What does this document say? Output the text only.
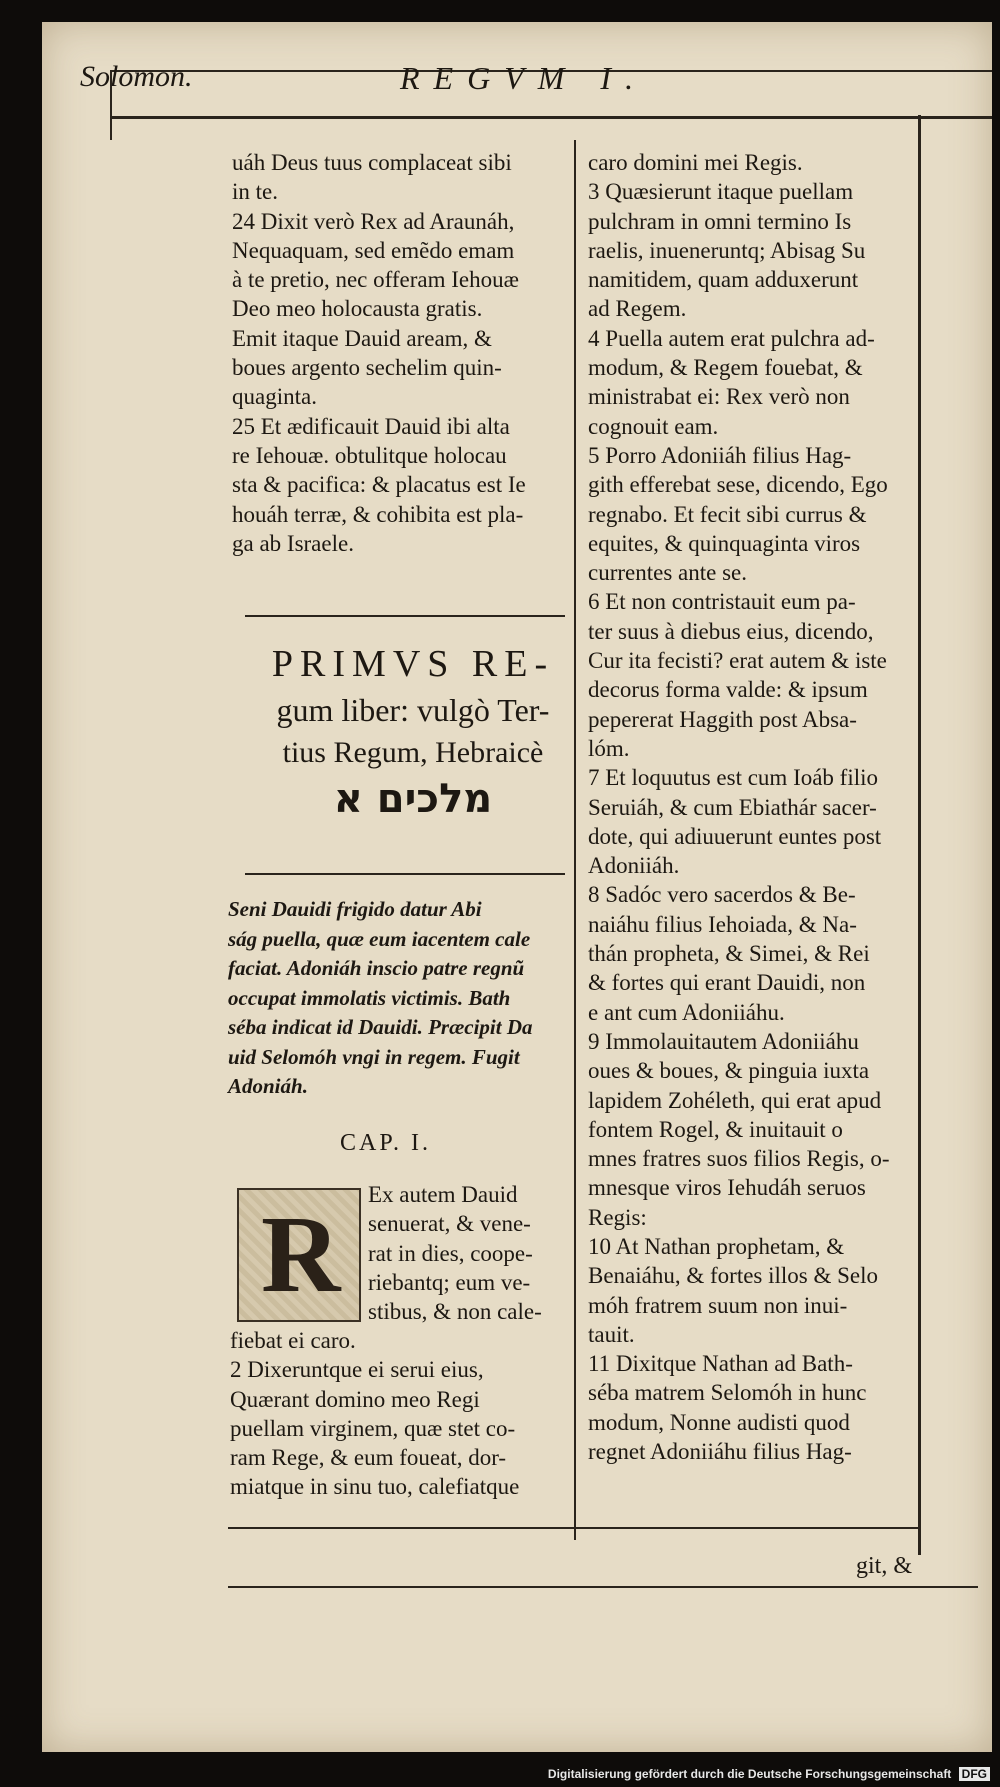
Solomon.	REGVM I.

uáh Deus tuus complaceat sibi

in te.

24 Dixit verò Rex ad Araunáh,

Nequaquam, sed emẽdo emam

à te pretio, nec offeram Iehouæ

Deo meo holocausta gratis.

Emit itaque Dauid aream, &

boues argento sechelim quin-

quaginta.

25 Et ædificauit Dauid ibi alta

re Iehouæ. obtulitque holocau

sta & pacifica: & placatus est Ie

houáh terræ, & cohibita est pla-

ga ab Israele.

PRIMVS RE-
gum liber: vulgò Ter-
tius Regum, Hebraicè
מלכים א

Seni Dauidi frigido datur Abi

ság puella, quæ eum iacentem cale

faciat. Adoniáh inscio patre regnũ

occupat immolatis victimis. Bath

séba indicat id Dauidi. Præcipit Da

uid Selomóh vngi in regem. Fugit

Adoniáh.

CAP. I.
R Ex autem Dauid

senuerat, & vene-

rat in dies, coope-

riebantq; eum ve-

stibus, & non cale-

fiebat ei caro.

2 Dixeruntque ei serui eius,

Quærant domino meo Regi

puellam virginem, quæ stet co-

ram Rege, & eum foueat, dor-

miatque in sinu tuo, calefiatque

caro domini mei Regis.

3 Quæsierunt itaque puellam

pulchram in omni termino Is

raelis, inueneruntq; Abisag Su

namitidem, quam adduxerunt

ad Regem.

4 Puella autem erat pulchra ad-

modum, & Regem fouebat, &

ministrabat ei: Rex verò non

cognouit eam.

5 Porro Adoniiáh filius Hag-

gith efferebat sese, dicendo, Ego

regnabo. Et fecit sibi currus &

equites, & quinquaginta viros

currentes ante se.

6 Et non contristauit eum pa-

ter suus à diebus eius, dicendo,

Cur ita fecisti? erat autem & iste

decorus forma valde: & ipsum

pepererat Haggith post Absa-

lóm.

7 Et loquutus est cum Ioáb filio

Seruiáh, & cum Ebiathár sacer-

dote, qui adiuuerunt euntes post

Adoniiáh.

8 Sadóc vero sacerdos & Be-

naiáhu filius Iehoiada, & Na-

thán propheta, & Simei, & Rei

& fortes qui erant Dauidi, non

e ant cum Adoniiáhu.

9 Immolauitautem Adoniiáhu

oues & boues, & pinguia iuxta

lapidem Zohéleth, qui erat apud

fontem Rogel, & inuitauit o

mnes fratres suos filios Regis, o-

mnesque viros Iehudáh seruos

Regis:

10 At Nathan prophetam, &

Benaiáhu, & fortes illos & Selo

móh fratrem suum non inui-

tauit.

11 Dixitque Nathan ad Bath-

séba matrem Selomóh in hunc

modum, Nonne audisti quod

regnet Adoniiáhu filius Hag-

git, &
Digitalisierung gefördert durch die Deutsche Forschungsgemeinschaft DFG
